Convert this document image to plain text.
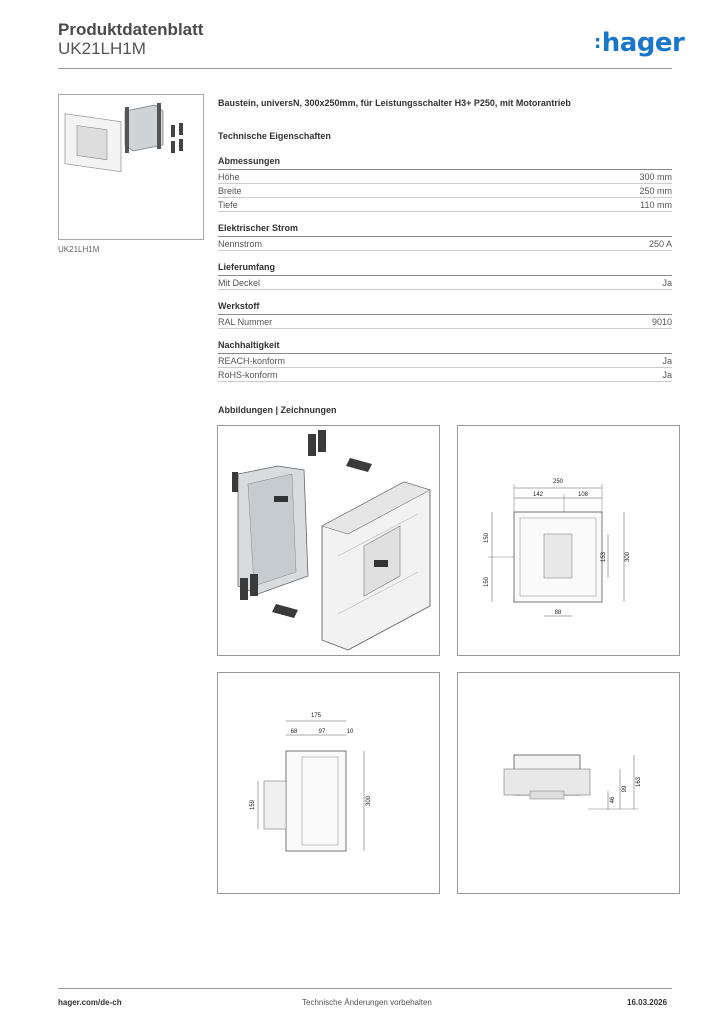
Produktdatenblatt
UK21LH1M	:hager
UK21LH1M
Baustein, universN, 300x250mm, für Leistungsschalter H3+ P250, mit Motorantrieb
Technische Eigenschaften
Abmessungen
Höhe	300 mm
Breite	250 mm
Tiefe	110 mm
Elektrischer Strom
Nennstrom	250 A
Lieferumfang
Mit Deckel	Ja
Werkstoff
RAL Nummer	9010
Nachhaltigkeit
REACH-konform	Ja
RoHS-konform	Ja
Abbildungen | Zeichnungen
250
142	108
150
150
153	300
88
175
68	97	10
159	300
163
99
46
hager.com/de-ch	Technische Änderungen vorbehalten	16.03.2026
